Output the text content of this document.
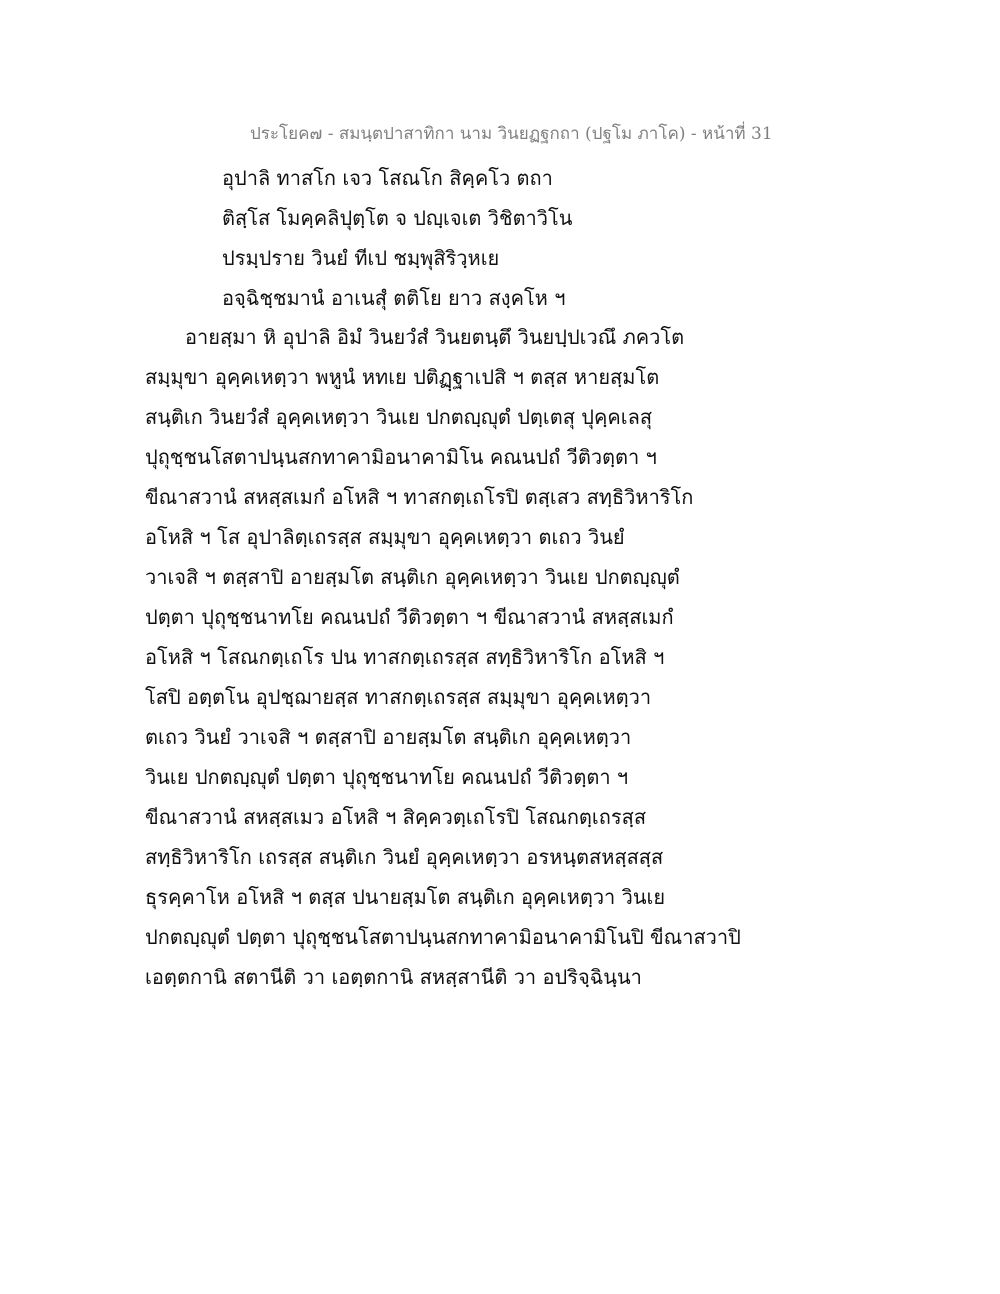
ประโยค๗ - สมนฺตปาสาทิกา นาม วินยฏฐกถา (ปฐโม ภาโค) - หน้าที่ 31
อุปาลิ ทาสโก เจว โสณโก สิคฺคโว ตถา
ติสฺโส โมคฺคลิปุตฺโต จ ปญฺเจเต วิชิตาวิโน
ปรมฺปราย วินยํ ทีเป ชมฺพุสิริวฺหเย
อจฺฉิชฺชมานํ อาเนสุํ ตติโย ยาว สงฺคโห ฯ
อายสฺมา หิ อุปาลิ อิมํ วินยวํสํ วินยตนฺตึ วินยปฺปเวณึ ภควโต
สมฺมุขา อุคฺคเหตฺวา พหูนํ หทเย ปติฏฺฐาเปสิ ฯ ตสฺส หายสฺมโต
สนฺติเก วินยวํสํ อุคฺคเหตฺวา วินเย ปกตญฺญุตํ ปตฺเตสุ ปุคฺคเลสุ
ปุถุชฺชนโสตาปนฺนสกทาคามิอนาคามิโน คณนปถํ วีติวตฺตา ฯ
ขีณาสวานํ สหสฺสเมกํ อโหสิ ฯ ทาสกตฺเถโรปิ ตสฺเสว สทฺธิวิหาริโก
อโหสิ ฯ โส อุปาลิตฺเถรสฺส สมฺมุขา อุคฺคเหตฺวา ตเถว วินยํ
วาเจสิ ฯ ตสฺสาปิ อายสฺมโต สนฺติเก อุคฺคเหตฺวา วินเย ปกตญฺญุตํ
ปตฺตา ปุถุชฺชนาทโย คณนปถํ วีติวตฺตา ฯ ขีณาสวานํ สหสฺสเมกํ
อโหสิ ฯ โสณกตฺเถโร ปน ทาสกตฺเถรสฺส สทฺธิวิหาริโก อโหสิ ฯ
โสปิ อตฺตโน อุปชฺฌายสฺส ทาสกตฺเถรสฺส สมฺมุขา อุคฺคเหตฺวา
ตเถว วินยํ วาเจสิ ฯ ตสฺสาปิ อายสฺมโต สนฺติเก อุคฺคเหตฺวา
วินเย ปกตญฺญุตํ ปตฺตา ปุถุชฺชนาทโย คณนปถํ วีติวตฺตา ฯ
ขีณาสวานํ สหสฺสเมว อโหสิ ฯ สิคฺควตฺเถโรปิ โสณกตฺเถรสฺส
สทฺธิวิหาริโก เถรสฺส สนฺติเก วินยํ อุคฺคเหตฺวา อรหนฺตสหสฺสสฺส
ธุรคฺคาโห อโหสิ ฯ ตสฺส ปนายสฺมโต สนฺติเก อุคฺคเหตฺวา วินเย
ปกตญฺญุตํ ปตฺตา ปุถุชฺชนโสตาปนฺนสกทาคามิอนาคามิโนปิ ขีณาสวาปิ
เอตฺตกานิ สตานีติ วา เอตฺตกานิ สหสฺสานีติ วา อปริจฺฉินฺนา
